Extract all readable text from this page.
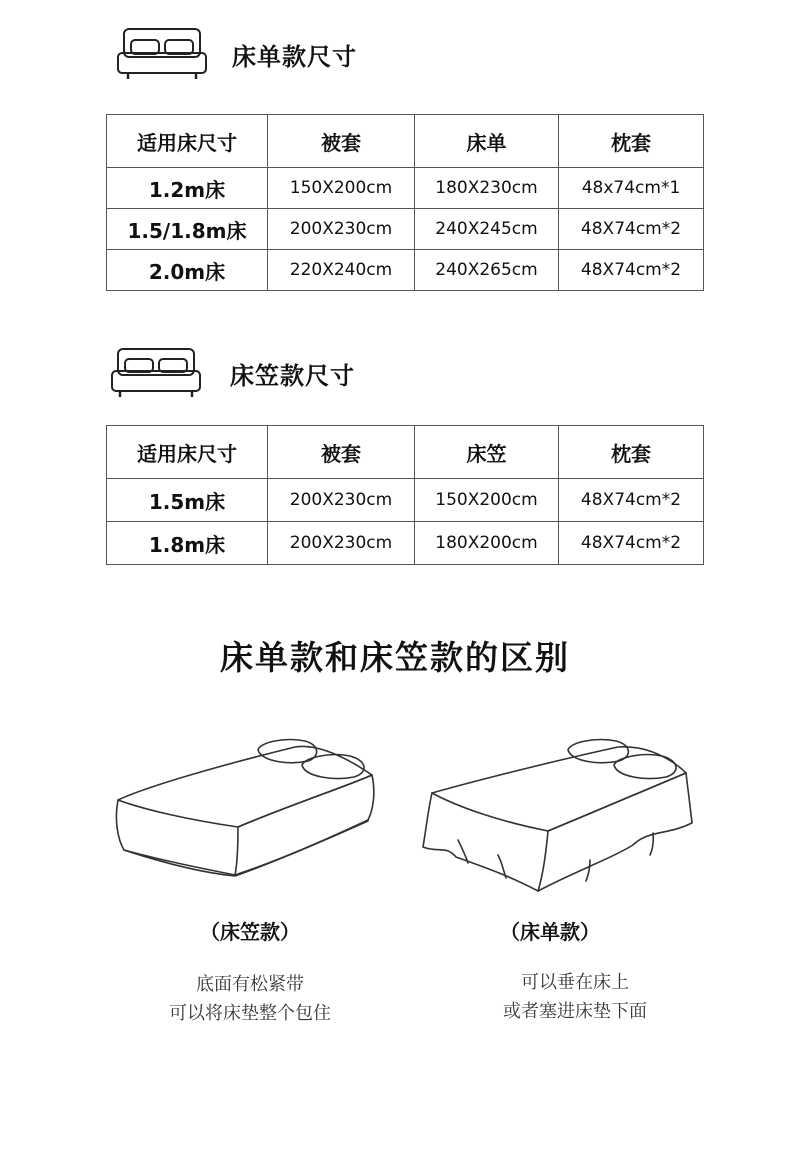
床单款尺寸
适用床尺寸	被套	床单	枕套
1.2m床	150X200cm	180X230cm	48x74cm*1
1.5/1.8m床	200X230cm	240X245cm	48X74cm*2
2.0m床	220X240cm	240X265cm	48X74cm*2
床笠款尺寸
适用床尺寸	被套	床笠	枕套
1.5m床	200X230cm	150X200cm	48X74cm*2
1.8m床	200X230cm	180X200cm	48X74cm*2
床单款和床笠款的区别
（床笠款）	（床单款）
底面有松紧带
可以将床垫整个包住
可以垂在床上
或者塞进床垫下面
